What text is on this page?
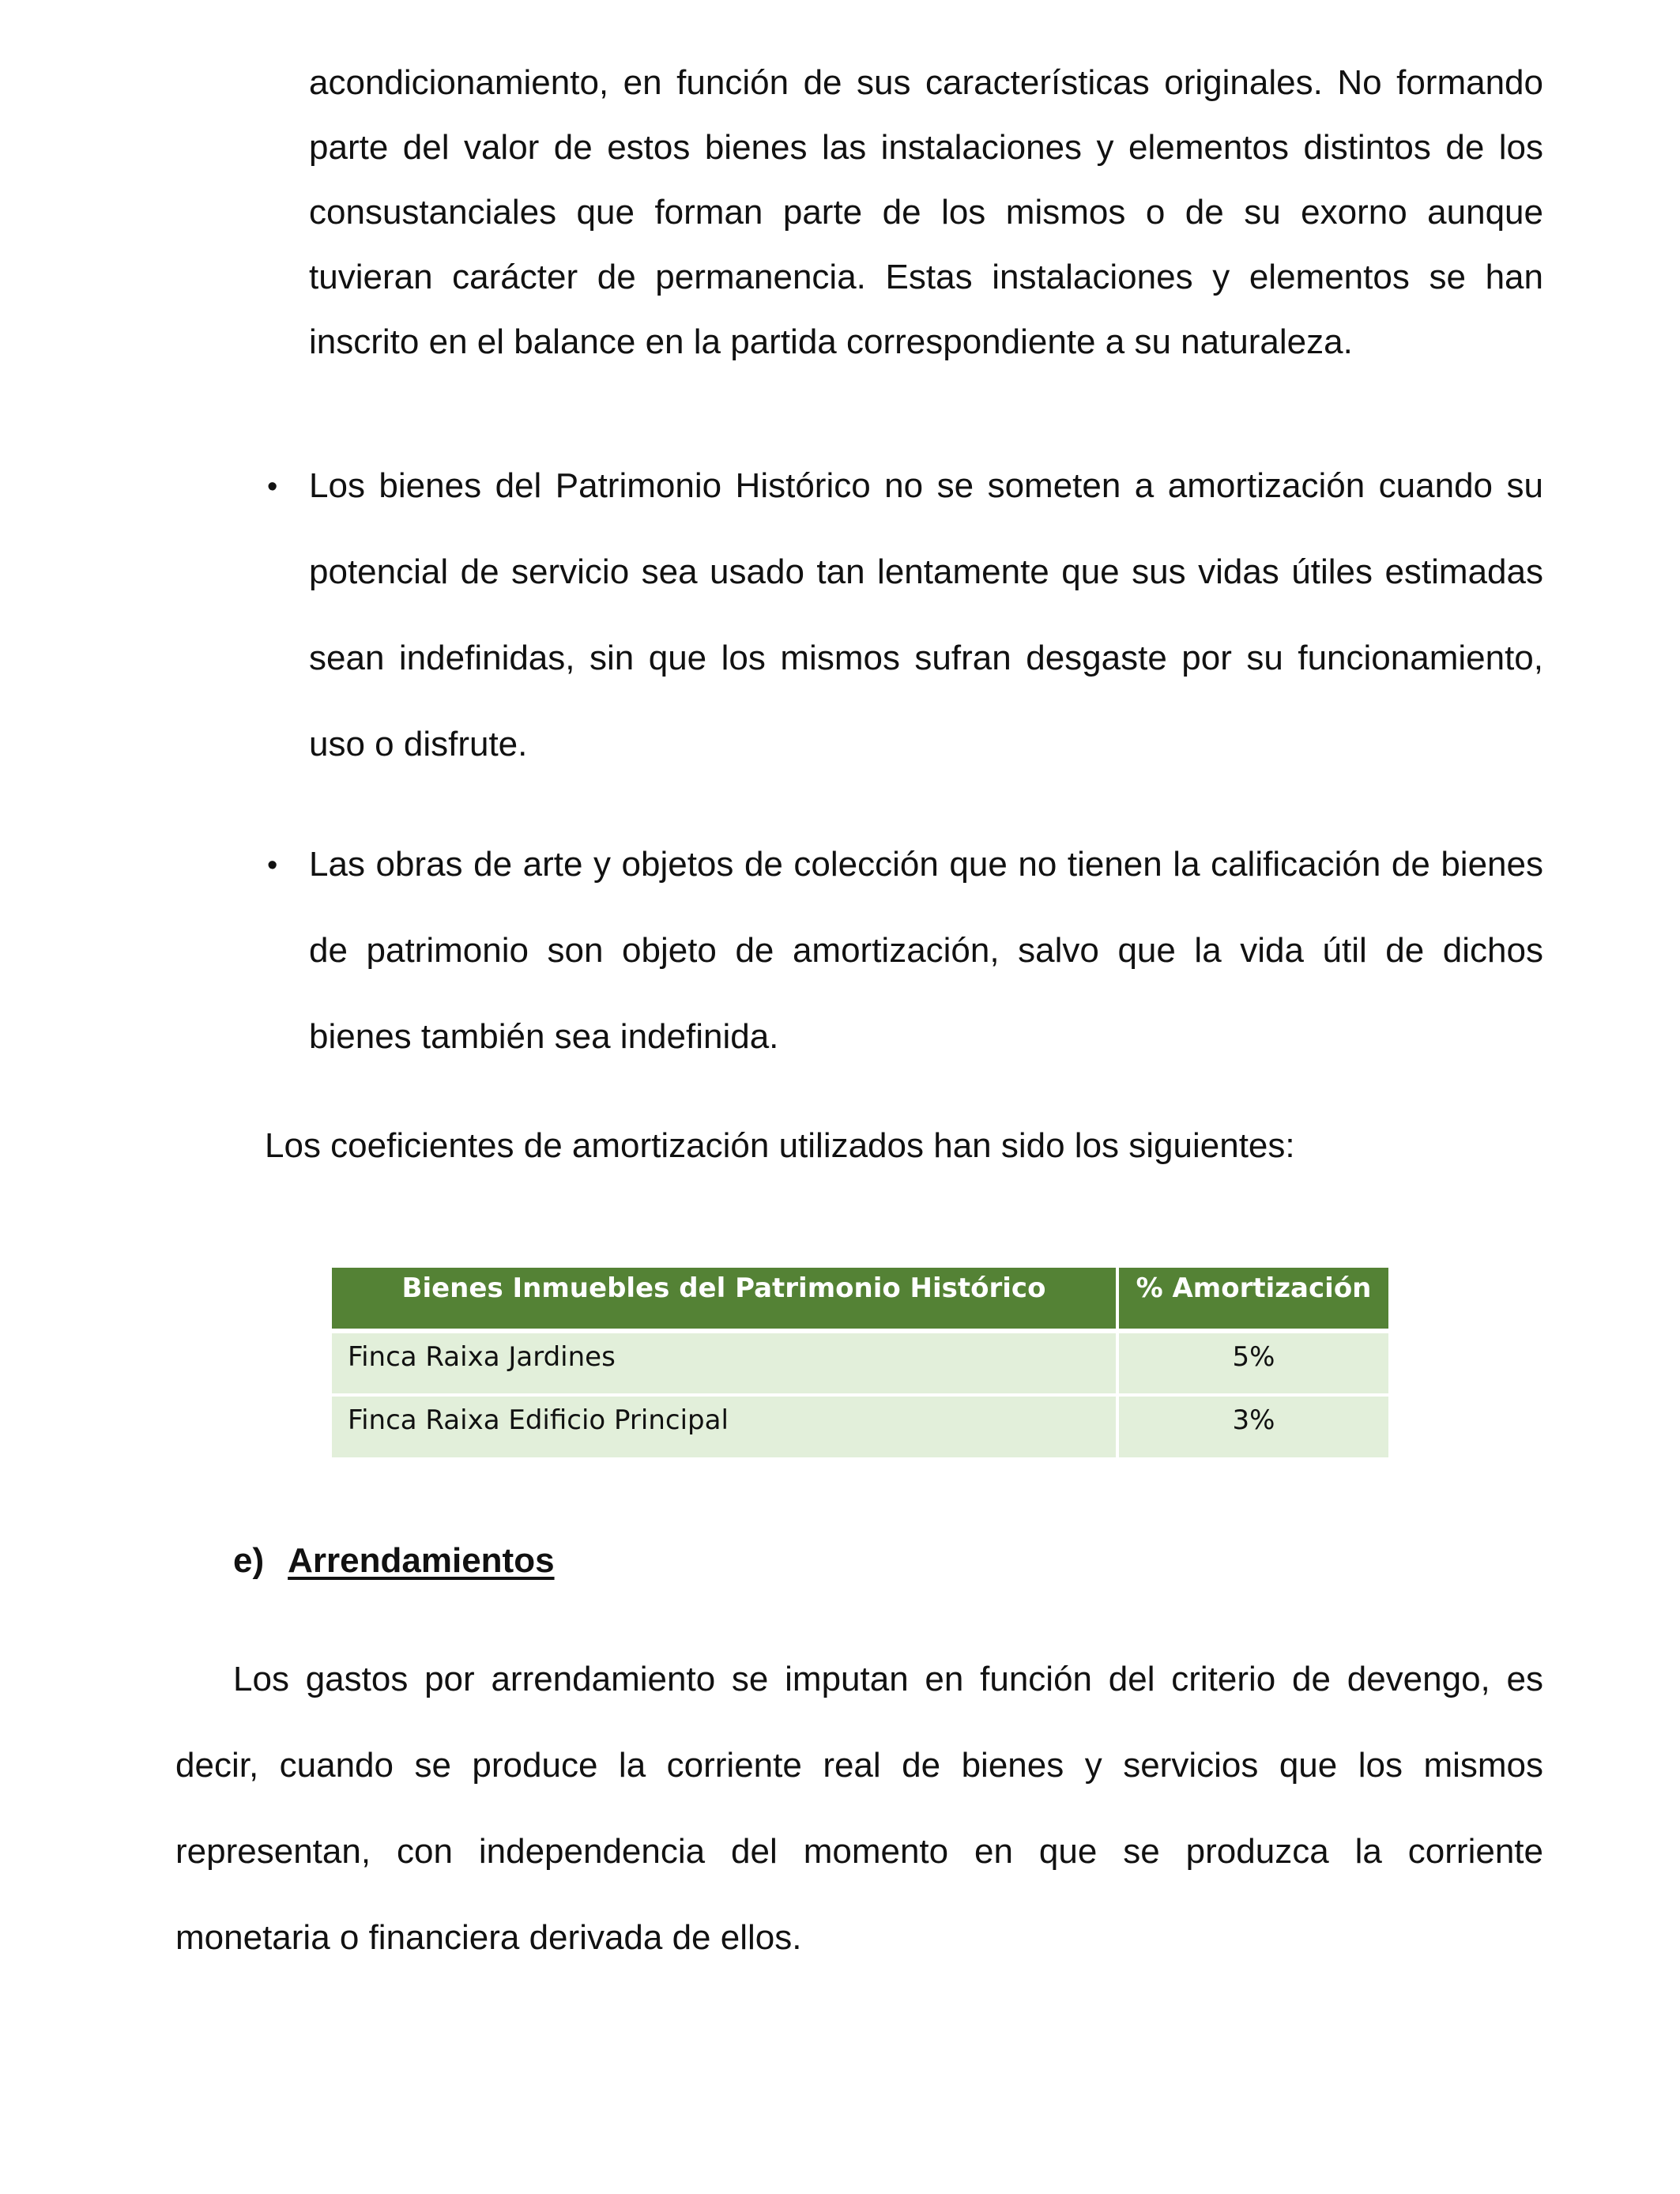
acondicionamiento, en función de sus características originales. No formando parte del valor de estos bienes las instalaciones y elementos distintos de los consustanciales que forman parte de los mismos o de su exorno aunque tuvieran carácter de permanencia. Estas instalaciones y elementos se han inscrito en el balance en la partida correspondiente a su naturaleza.

• Los bienes del Patrimonio Histórico no se someten a amortización cuando su potencial de servicio sea usado tan lentamente que sus vidas útiles estimadas sean indefinidas, sin que los mismos sufran desgaste por su funcionamiento, uso o disfrute.

• Las obras de arte y objetos de colección que no tienen la calificación de bienes de patrimonio son objeto de amortización, salvo que la vida útil de dichos bienes también sea indefinida.

Los coeficientes de amortización utilizados han sido los siguientes:

Bienes Inmuebles del Patrimonio Histórico	% Amortización
Finca Raixa Jardines	5%
Finca Raixa Edificio Principal	3%
e) Arrendamientos

Los gastos por arrendamiento se imputan en función del criterio de devengo, es decir, cuando se produce la corriente real de bienes y servicios que los mismos representan, con independencia del momento en que se produzca la corriente monetaria o financiera derivada de ellos.
